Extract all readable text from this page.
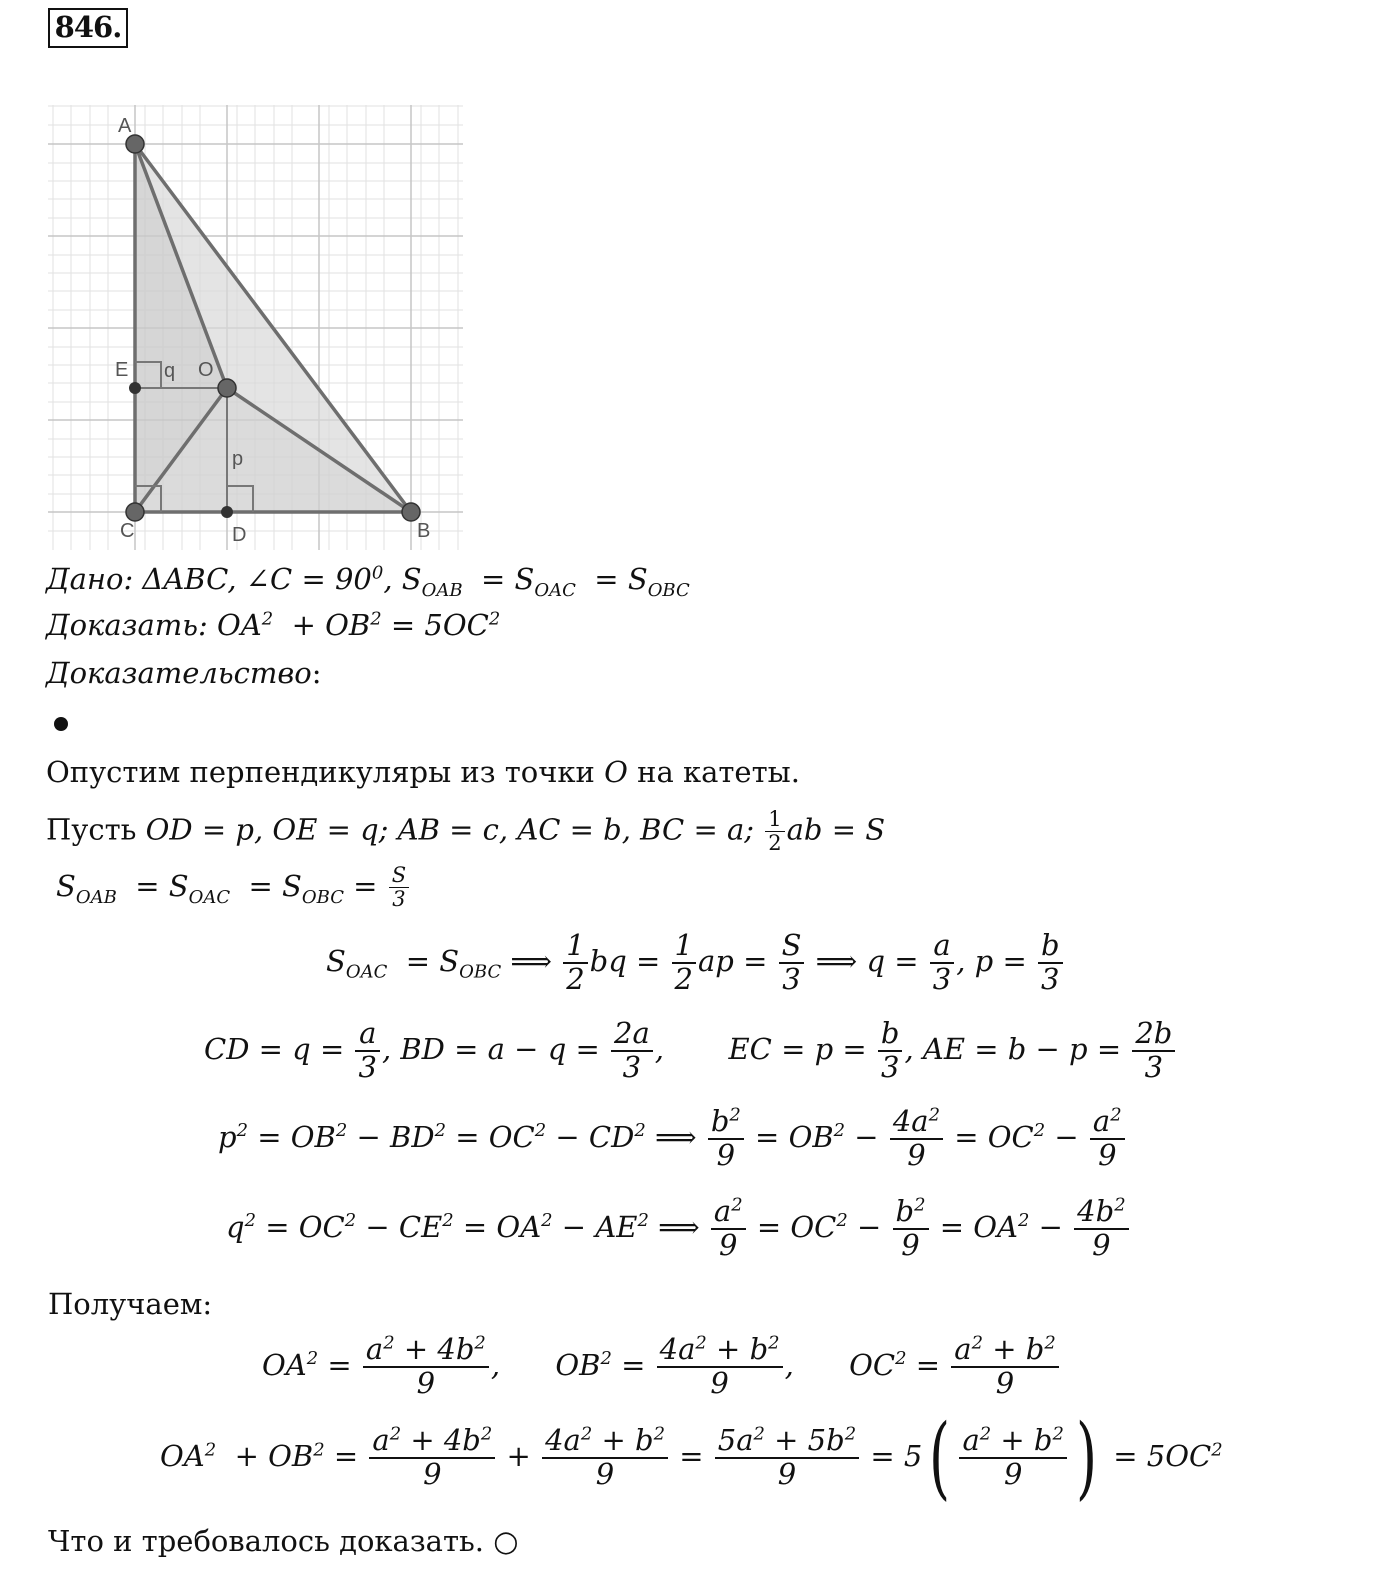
846.
A
E q O
p
C	D	B
Дано: ΔABC, ∠C = $90^0$, $S_{OAB} = S_{OAC} = S_{OBC}$
Доказать: $OA^2 + OB^2 = 5OC^2$
Доказательство:
Опустим перпендикуляры из точки O на катеты.
Пусть OD = p, OE = q; AB = c, AC = b, BC = a; $\frac{1}{2}$ ab = S
$S_{OAB} = S_{OAC} = S_{OBC} = \frac{S}{3}$
$S_{OAC} = S_{OBC}$ ⟹ $\frac{1}{2}$ bq = $\frac{1}{2}$ ap = $\frac{S}{3}$ ⟹ $q = \frac{a}{3}$ , $p = \frac{b}{3}$
CD = $q = \frac{a}{3}$ , BD = $a - q = \frac{2a}{3}$ ,       EC = $p = \frac{b}{3}$ , AE = $b - p = \frac{2b}{3}$
$p^2 = OB^2 - BD^2 = OC^2 - CD^2$ ⟹ $\frac{b^2}{9} = OB^2 - \frac{4a^2}{9} = OC^2 - \frac{a^2}{9}$
$q^2 = OC^2 - CE^2 = OA^2 - AE^2$ ⟹ $\frac{a^2}{9} = OC^2 - \frac{b^2}{9} = OA^2 - \frac{4b^2}{9}$
Получаем:
$OA^2 = \frac{a^2 + 4b^2}{9}$ ,      $OB^2 = \frac{4a^2 + b^2}{9}$ ,      $OC^2 = \frac{a^2 + b^2}{9}$
$OA^2 + OB^2 = \frac{a^2 + 4b^2}{9} + \frac{4a^2 + b^2}{9} = \frac{5a^2 + 5b^2}{9} = 5( \frac{a^2 + b^2}{9}$ ) = $5OC^2$
Что и требовалось доказать. ○
